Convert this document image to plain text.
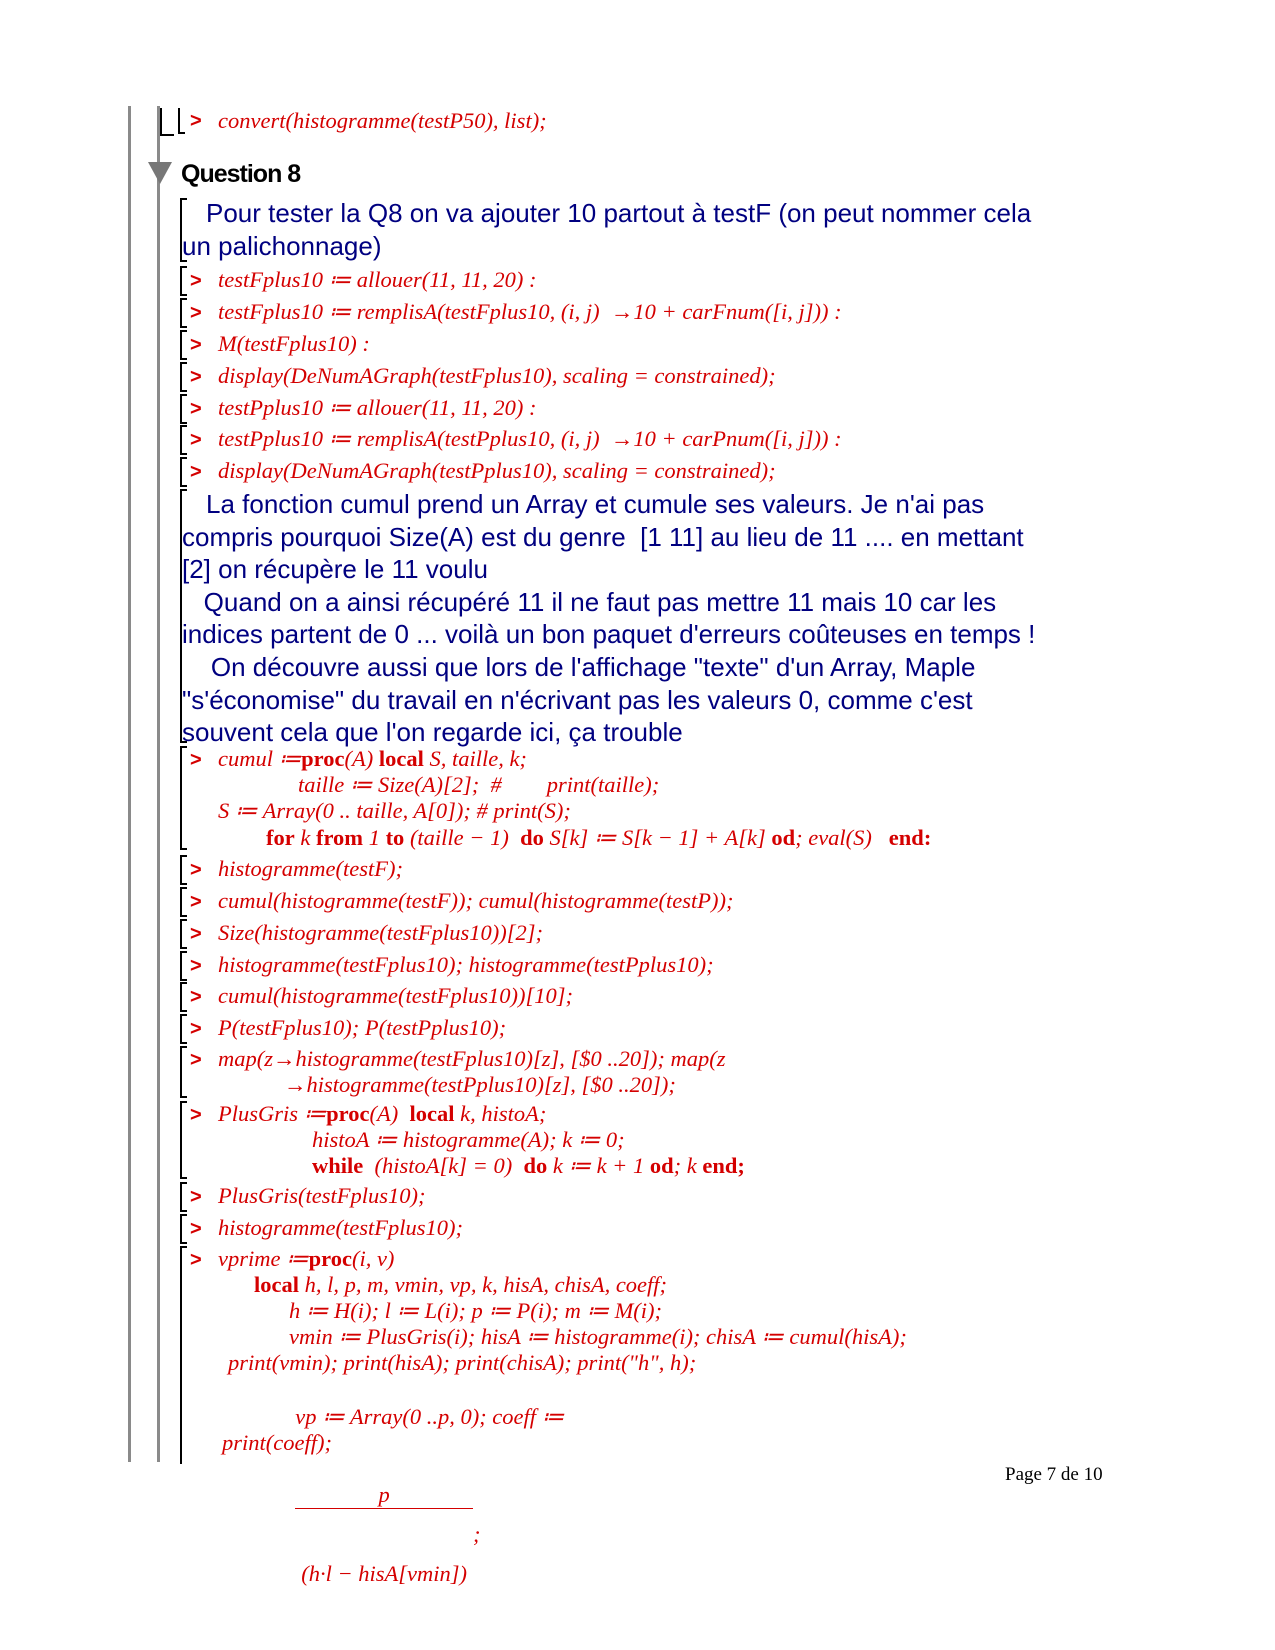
> convert(histogramme(testP50), list);
Question 8
Pour tester la Q8 on va ajouter 10 partout à testF (on peut nommer cela
un palichonnage)
> testFplus10 ≔ allouer(11, 11, 20) :
> testFplus10 ≔ remplisA(testFplus10, (i, j)  →10 + carFnum([i, j])) :
> M(testFplus10) :
> display(DeNumAGraph(testFplus10), scaling = constrained);
> testPplus10 ≔ allouer(11, 11, 20) :
> testPplus10 ≔ remplisA(testPplus10, (i, j)  →10 + carPnum([i, j])) :
> display(DeNumAGraph(testPplus10), scaling = constrained);
La fonction cumul prend un Array et cumule ses valeurs. Je n'ai pas
compris pourquoi Size(A) est du genre  [1 11] au lieu de 11 .... en mettant
[2] on récupère le 11 voulu
Quand on a ainsi récupéré 11 il ne faut pas mettre 11 mais 10 car les
indices partent de 0 ... voilà un bon paquet d'erreurs coûteuses en temps !
On découvre aussi que lors de l'affichage "texte" d'un Array, Maple
"s'économise" du travail en n'écrivant pas les valeurs 0, comme c'est
souvent cela que l'on regarde ici, ça trouble
> cumul ≔proc(A) local S, taille, k;
taille ≔ Size(A)[2];  #        print(taille);
S ≔ Array(0 .. taille, A[0]); # print(S);
for k from 1 to (taille − 1)  do S[k] ≔ S[k − 1] + A[k] od; eval(S)   end:
> histogramme(testF);
> cumul(histogramme(testF)); cumul(histogramme(testP));
> Size(histogramme(testFplus10))[2];
> histogramme(testFplus10); histogramme(testPplus10);
> cumul(histogramme(testFplus10))[10];
> P(testFplus10); P(testPplus10);
> map(z→histogramme(testFplus10)[z], [$0 ..20]); map(z
→histogramme(testPplus10)[z], [$0 ..20]);
> PlusGris ≔proc(A)  local k, histoA;
histoA ≔ histogramme(A); k ≔ 0;
while  (histoA[k] = 0)  do k ≔ k + 1 od; k end;
> PlusGris(testFplus10);
> histogramme(testFplus10);
> vprime ≔proc(i, v)
local h, l, p, m, vmin, vp, k, hisA, chisA, coeff;
h ≔ H(i); l ≔ L(i); p ≔ P(i); m ≔ M(i);
vmin ≔ PlusGris(i); hisA ≔ histogramme(i); chisA ≔ cumul(hisA);
print(vmin); print(hisA); print(chisA); print("h", h);

vp ≔ Array(0 ..p, 0); coeff ≔

$\frac{p}{\text{(h·l − hisA[vmin])}}$ ;

print(coeff);
Page 7 de 10
